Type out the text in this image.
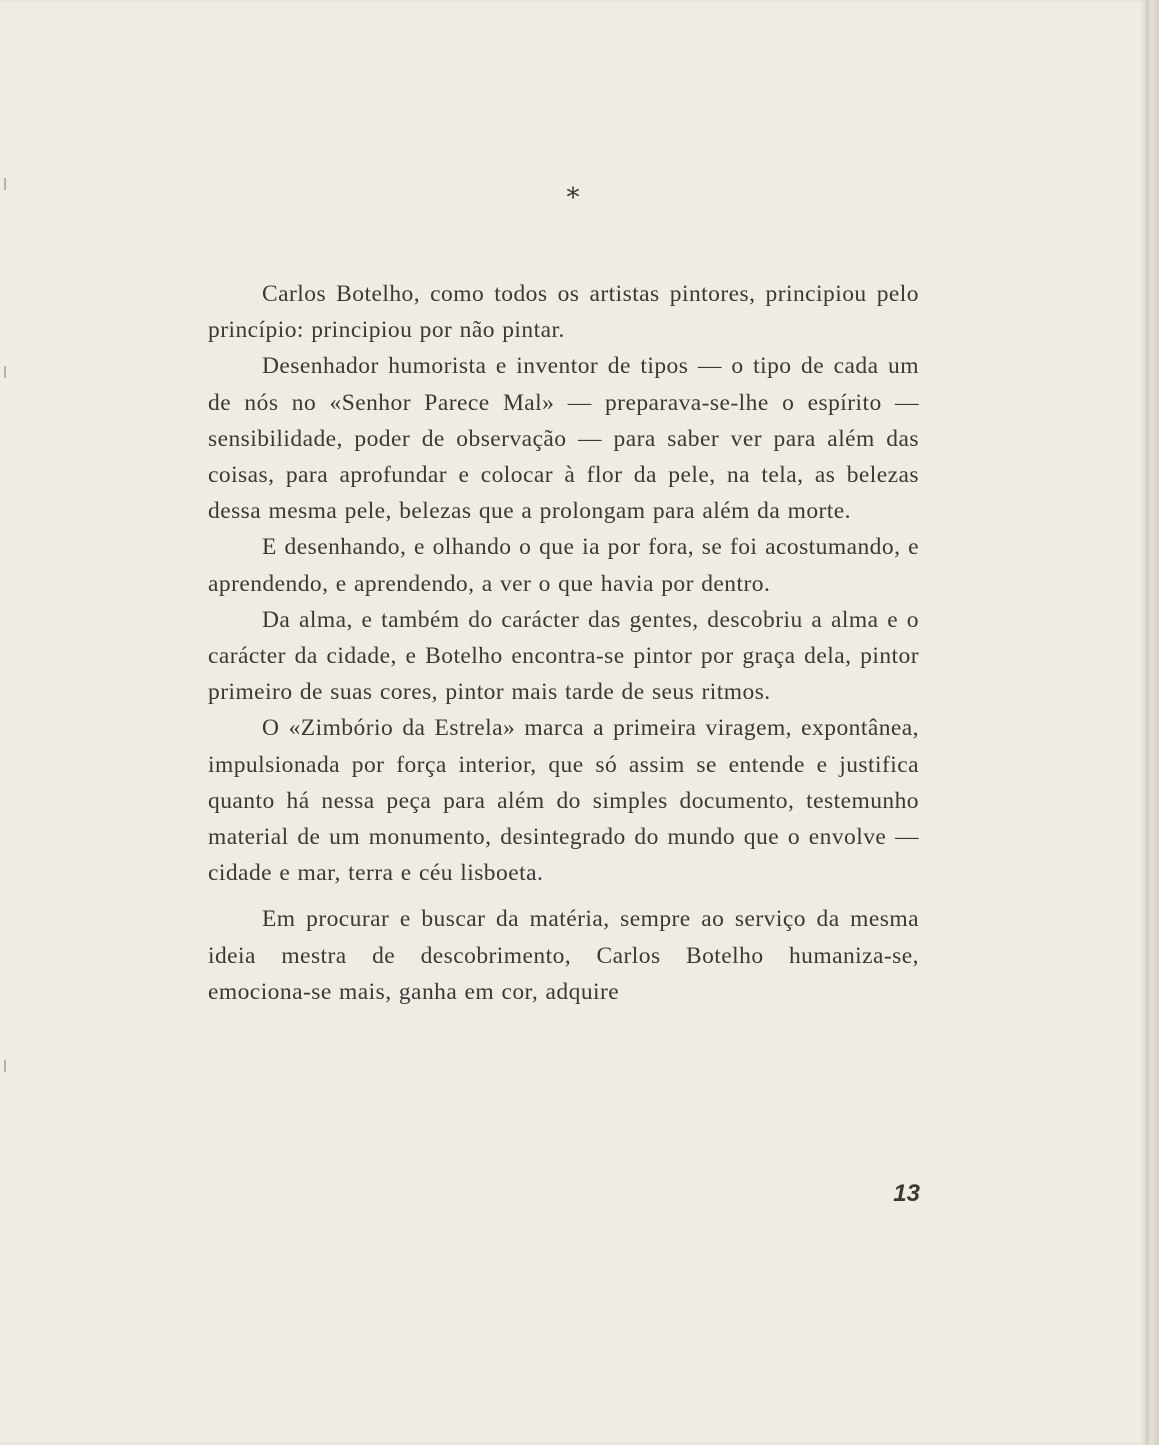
*

Carlos Botelho, como todos os artistas pintores, principiou pelo princípio: principiou por não pintar.

Desenhador humorista e inventor de tipos — o tipo de cada um de nós no «Senhor Parece Mal» — preparava-se-lhe o espírito — sensibilidade, poder de observação — para saber ver para além das coisas, para aprofundar e colocar à flor da pele, na tela, as belezas dessa mesma pele, belezas que a prolongam para além da morte.

E desenhando, e olhando o que ia por fora, se foi acostumando, e aprendendo, e aprendendo, a ver o que havia por dentro.

Da alma, e também do carácter das gentes, descobriu a alma e o carácter da cidade, e Botelho encontra-se pintor por graça dela, pintor primeiro de suas cores, pintor mais tarde de seus ritmos.

O «Zimbório da Estrela» marca a primeira viragem, expontânea, impulsionada por força interior, que só assim se entende e justifica quanto há nessa peça para além do simples documento, testemunho material de um monumento, desintegrado do mundo que o envolve — cidade e mar, terra e céu lisboeta.

Em procurar e buscar da matéria, sempre ao serviço da mesma ideia mestra de descobrimento, Carlos Botelho humaniza-se, emociona-se mais, ganha em cor, adquire

13
